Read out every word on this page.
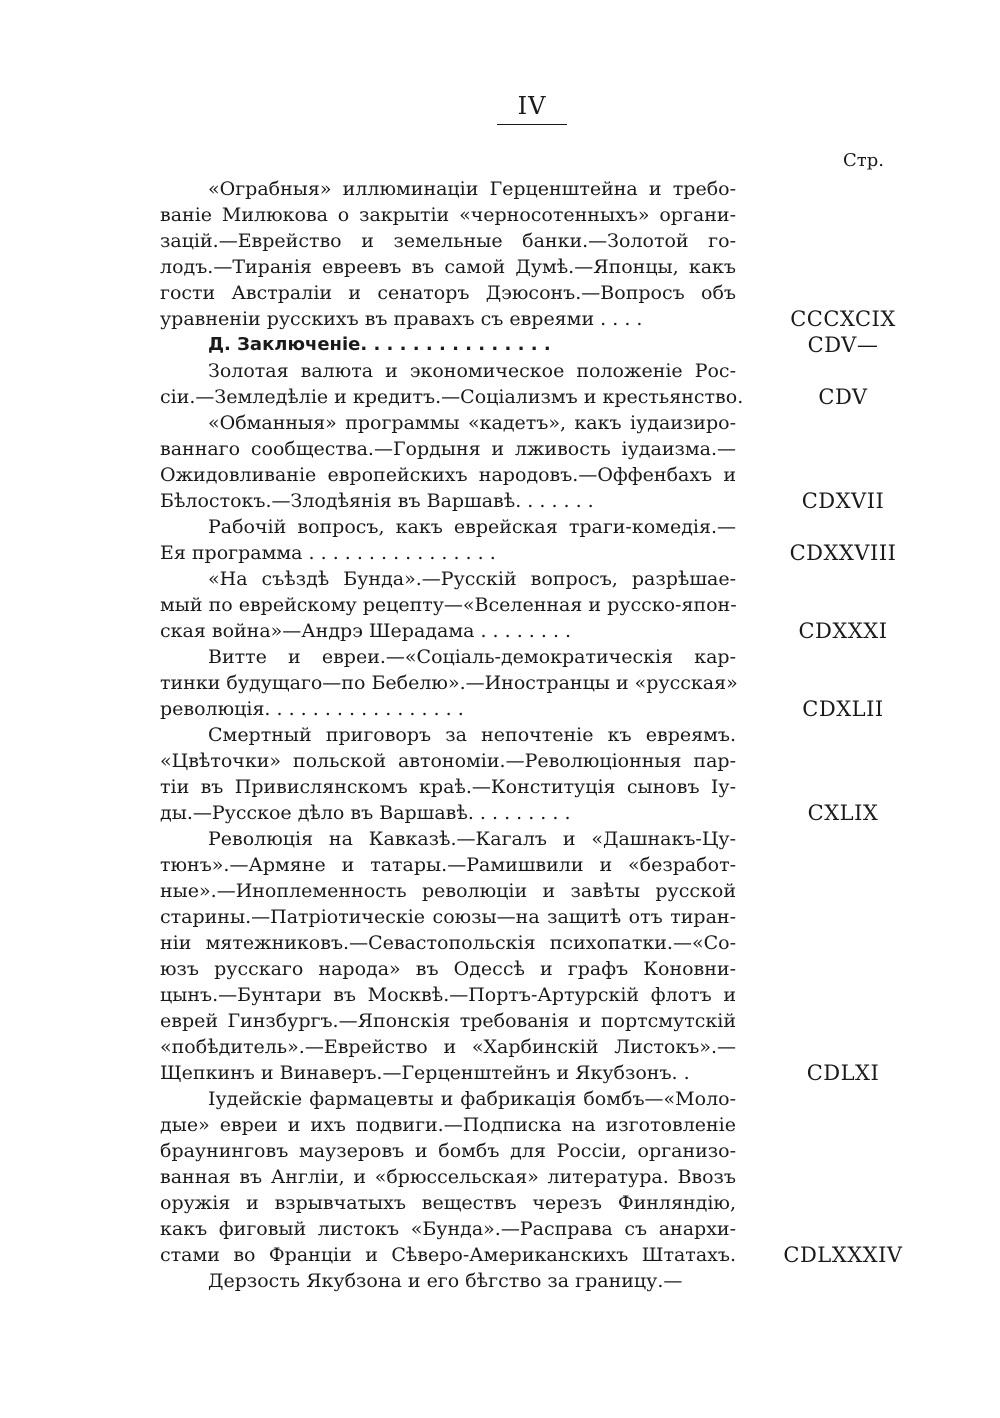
IV
Стр.
«Ограбныя» иллюминацiи Герценштейна и требо-
ванiе Милюкова о закрытiи «черносотенныхъ» органи-
зацiй.—Еврейство и земельные банки.—Золотой го-
лодъ.—Тиранiя евреевъ въ самой Думѣ.—Японцы, какъ
гости Австралiи и сенаторъ Дэюсонъ.—Вопросъ объ
уравненiи русскихъ въ правахъ съ евреями . . . .	CCCXCIX
Д. Заключенiе. . . . . . . . . . . . . . .	CDV—
Золотая валюта и экономическое положенiе Рос-
сiи.—Земледѣлiе и кредитъ.—Соцiализмъ и крестьянство.	CDV
«Обманныя» программы «кадетъ», какъ iудаизиро-
ваннаго сообщества.—Гордыня и лживость iудаизма.—
Ожидовливанiе европейскихъ народовъ.—Оффенбахъ и
Бѣлостокъ.—Злодѣянiя въ Варшавѣ. . . . . . .	CDXVII
Рабочiй вопросъ, какъ еврейская траги-комедiя.—
Ея программа . . . . . . . . . . . . . . . .	CDXXVIII
«На съѣздѣ Бунда».—Русскiй вопросъ, разрѣшае-
мый по еврейскому рецепту—«Вселенная и русско-япон-
ская война»—Андрэ Шерадама . . . . . . . .	CDXXXI
Витте и евреи.—«Соцiаль-демократическiя кар-
тинки будущаго—по Бебелю».—Иностранцы и «русская»
революцiя. . . . . . . . . . . . . . . . .	CDXLII
Смертный приговоръ за непочтенiе къ евреямъ.
«Цвѣточки» польской автономiи.—Революцiонныя пар-
тiи въ Привислянскомъ краѣ.—Конституцiя сыновъ Iу-
ды.—Русское дѣло въ Варшавѣ. . . . . . . . .	CXLIX
Революцiя на Кавказѣ.—Кагалъ и «Дашнакъ-Цу-
тюнъ».—Армяне и татары.—Рамишвили и «безработ-
ные».—Иноплеменность революцiи и завѣты русской
старины.—Патрiотическiе союзы—на защитѣ отъ тиран-
нiи мятежниковъ.—Севастопольскiя психопатки.—«Со-
юзъ русскаго народа» въ Одессѣ и графъ Коновни-
цынъ.—Бунтари въ Москвѣ.—Портъ-Артурскiй флотъ и
еврей Гинзбургъ.—Японскiя требованiя и портсмутскiй
«побѣдитель».—Еврейство и «Харбинскiй Листокъ».—
Щепкинъ и Винаверъ.—Герценштейнъ и Якубзонъ. .	CDLXI
Iудейскiе фармацевты и фабрикацiя бомбъ—«Моло-
дые» евреи и ихъ подвиги.—Подписка на изготовленiе
браунинговъ маузеровъ и бомбъ для Россiи, организо-
ванная въ Англiи, и «брюссельская» литература. Ввозъ
оружiя и взрывчатыхъ веществъ черезъ Финляндiю,
какъ фиговый листокъ «Бунда».—Расправа съ анархи-
стами во Францiи и Сѣверо-Американскихъ Штатахъ.	CDLXXXIV
Дерзость Якубзона и его бѣгство за границу.—
